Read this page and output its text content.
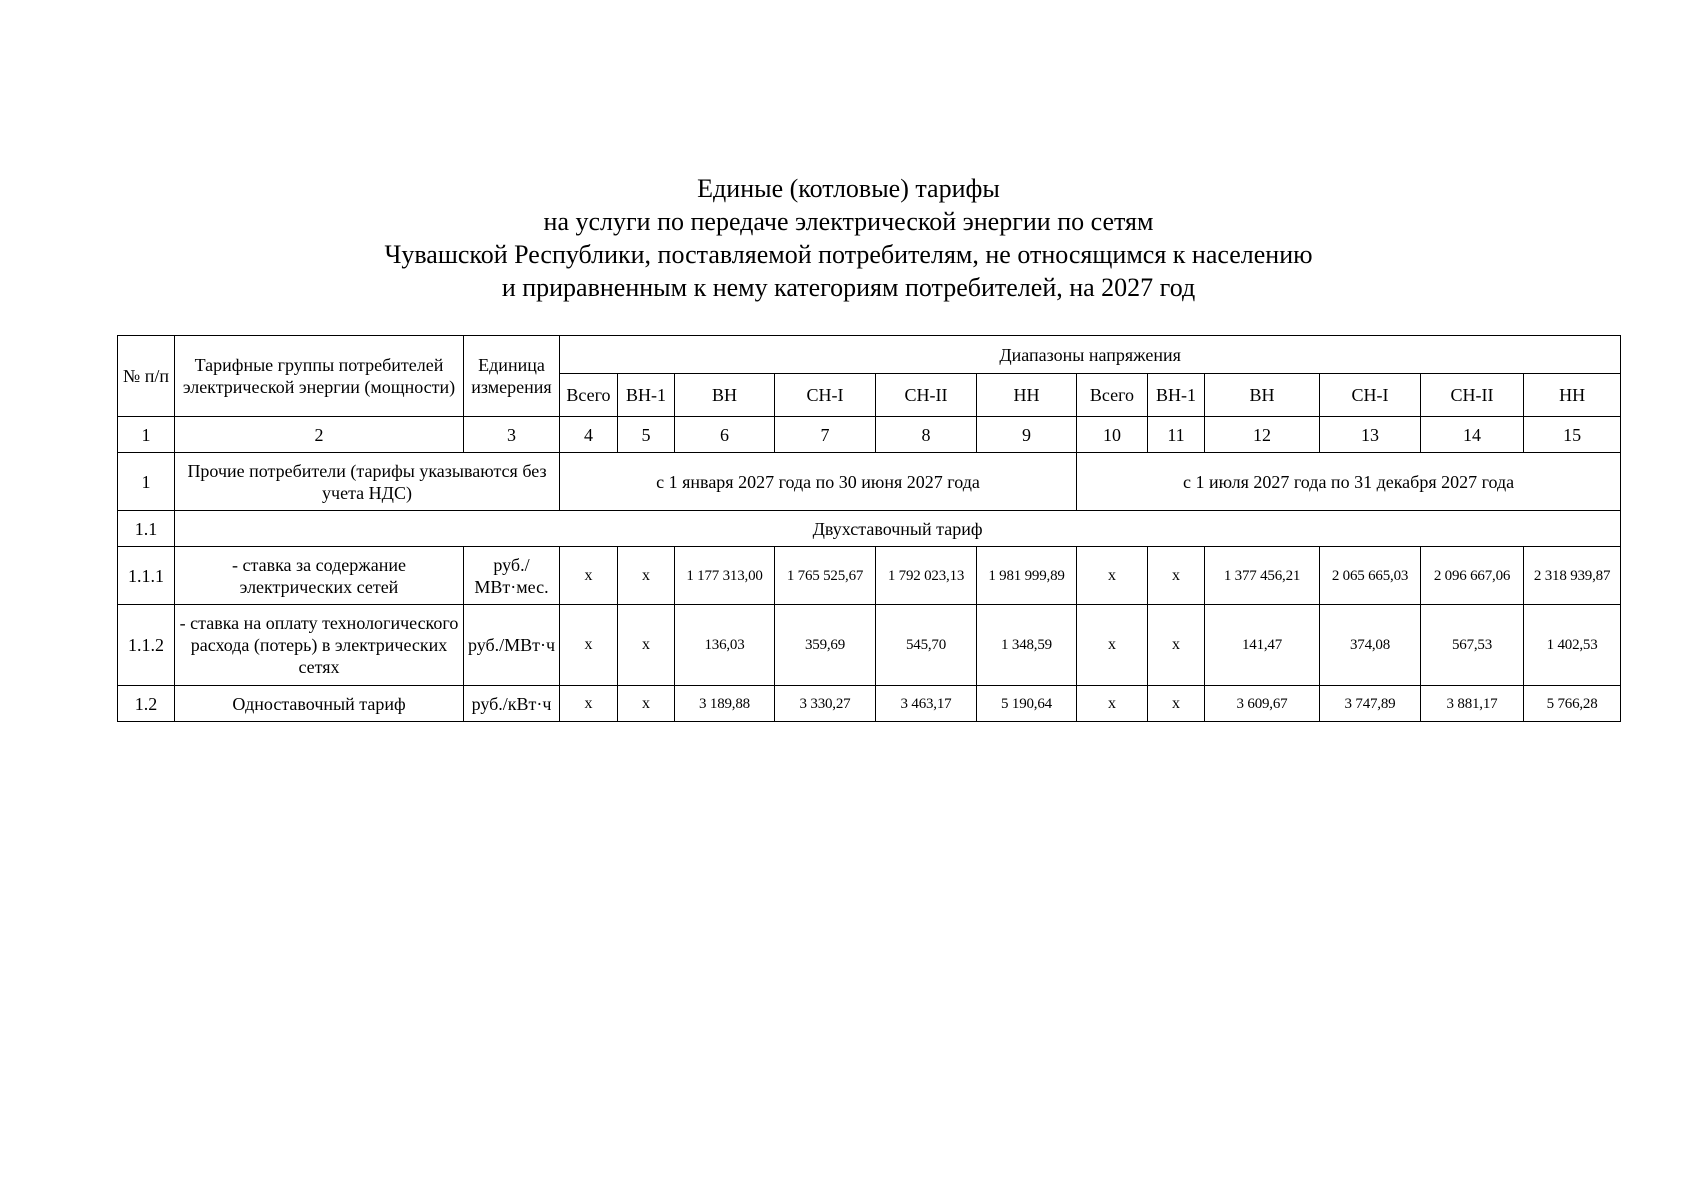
Единые (котловые) тарифы
на услуги по передаче электрической энергии по сетям
Чувашской Республики, поставляемой потребителям, не относящимся к населению
и приравненным к нему категориям потребителей, на 2027 год
№ п/п	Тарифные группы потребителей электрической энергии (мощности)	Единица измерения	Диапазоны напряжения											
			Всего	ВН-1	ВН	СН-I	СН-II	НН	Всего	ВН-1	ВН	СН-I	СН-II	НН
1	2	3	4	5	6	7	8	9	10	11	12	13	14	15
1	Прочие потребители (тарифы указываются без учета НДС)		с 1 января 2027 года по 30 июня 2027 года						с 1 июля 2027 года по 31 декабря 2027 года					
1.1	Двухставочный тариф													
1.1.1	- ставка за содержание электрических сетей	руб./МВт·мес.	x	x	1 177 313,00	1 765 525,67	1 792 023,13	1 981 999,89	x	x	1 377 456,21	2 065 665,03	2 096 667,06	2 318 939,87
1.1.2	- ставка на оплату технологического расхода (потерь) в электрических сетях	руб./МВт·ч	x	x	136,03	359,69	545,70	1 348,59	x	x	141,47	374,08	567,53	1 402,53
1.2	Одноставочный тариф	руб./кВт·ч	x	x	3 189,88	3 330,27	3 463,17	5 190,64	x	x	3 609,67	3 747,89	3 881,17	5 766,28
